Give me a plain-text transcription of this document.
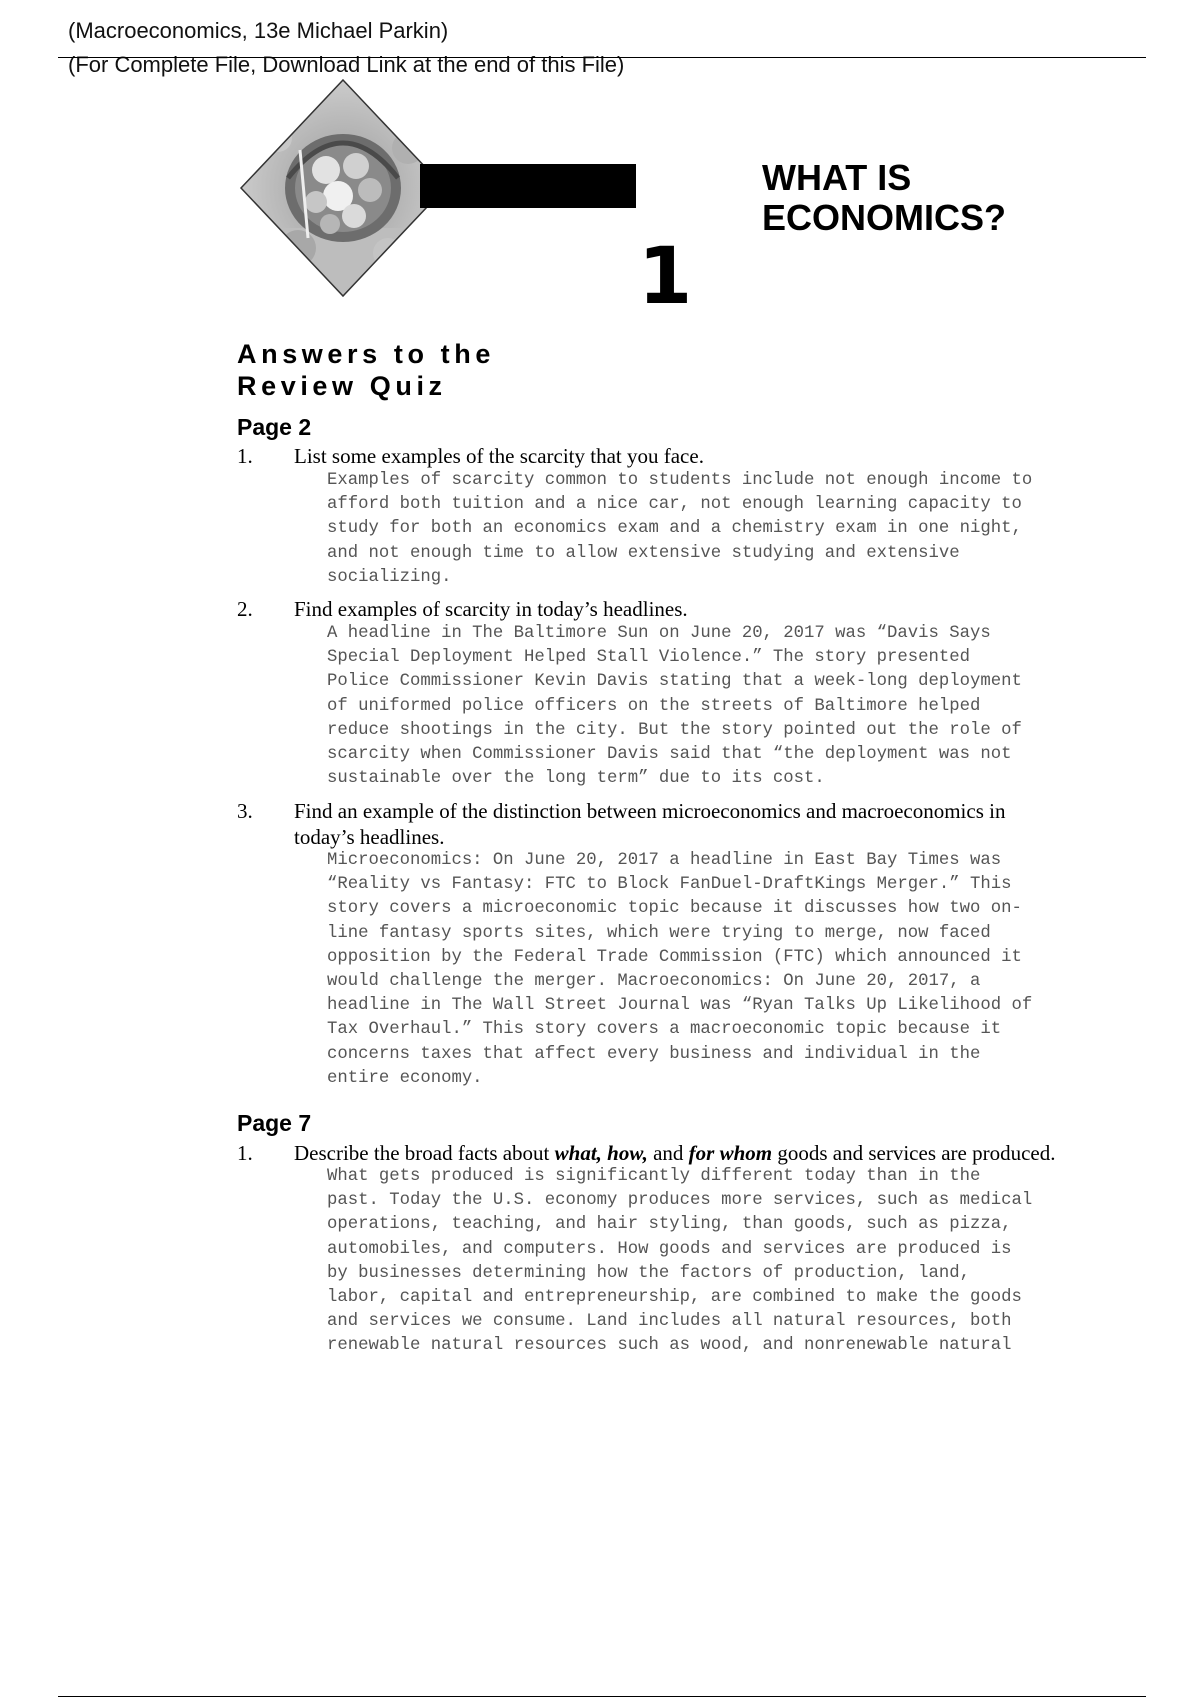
(Macroeconomics, 13e Michael Parkin)
(For Complete File, Download Link at the end of this File)
1
WHAT IS
ECONOMICS?
Answers to the
Review Quiz
Page 2
1. List some examples of the scarcity that you face.
Examples of scarcity common to students include not enough income to
afford both tuition and a nice car, not enough learning capacity to
study for both an economics exam and a chemistry exam in one night,
and not enough time to allow extensive studying and extensive
socializing.
2. Find examples of scarcity in today’s headlines.
A headline in The Baltimore Sun on June 20, 2017 was “Davis Says
Special Deployment Helped Stall Violence.” The story presented
Police Commissioner Kevin Davis stating that a week-long deployment
of uniformed police officers on the streets of Baltimore helped
reduce shootings in the city. But the story pointed out the role of
scarcity when Commissioner Davis said that “the deployment was not
sustainable over the long term” due to its cost.
3. Find an example of the distinction between microeconomics and macroeconomics in
today’s headlines.
Microeconomics: On June 20, 2017 a headline in East Bay Times was
“Reality vs Fantasy: FTC to Block FanDuel-DraftKings Merger.” This
story covers a microeconomic topic because it discusses how two on-
line fantasy sports sites, which were trying to merge, now faced
opposition by the Federal Trade Commission (FTC) which announced it
would challenge the merger. Macroeconomics: On June 20, 2017, a
headline in The Wall Street Journal was “Ryan Talks Up Likelihood of
Tax Overhaul.” This story covers a macroeconomic topic because it
concerns taxes that affect every business and individual in the
entire economy.
Page 7
1. Describe the broad facts about what, how, and for whom goods and services are produced.
What gets produced is significantly different today than in the
past. Today the U.S. economy produces more services, such as medical
operations, teaching, and hair styling, than goods, such as pizza,
automobiles, and computers. How goods and services are produced is
by businesses determining how the factors of production, land,
labor, capital and entrepreneurship, are combined to make the goods
and services we consume. Land includes all natural resources, both
renewable natural resources such as wood, and nonrenewable natural
